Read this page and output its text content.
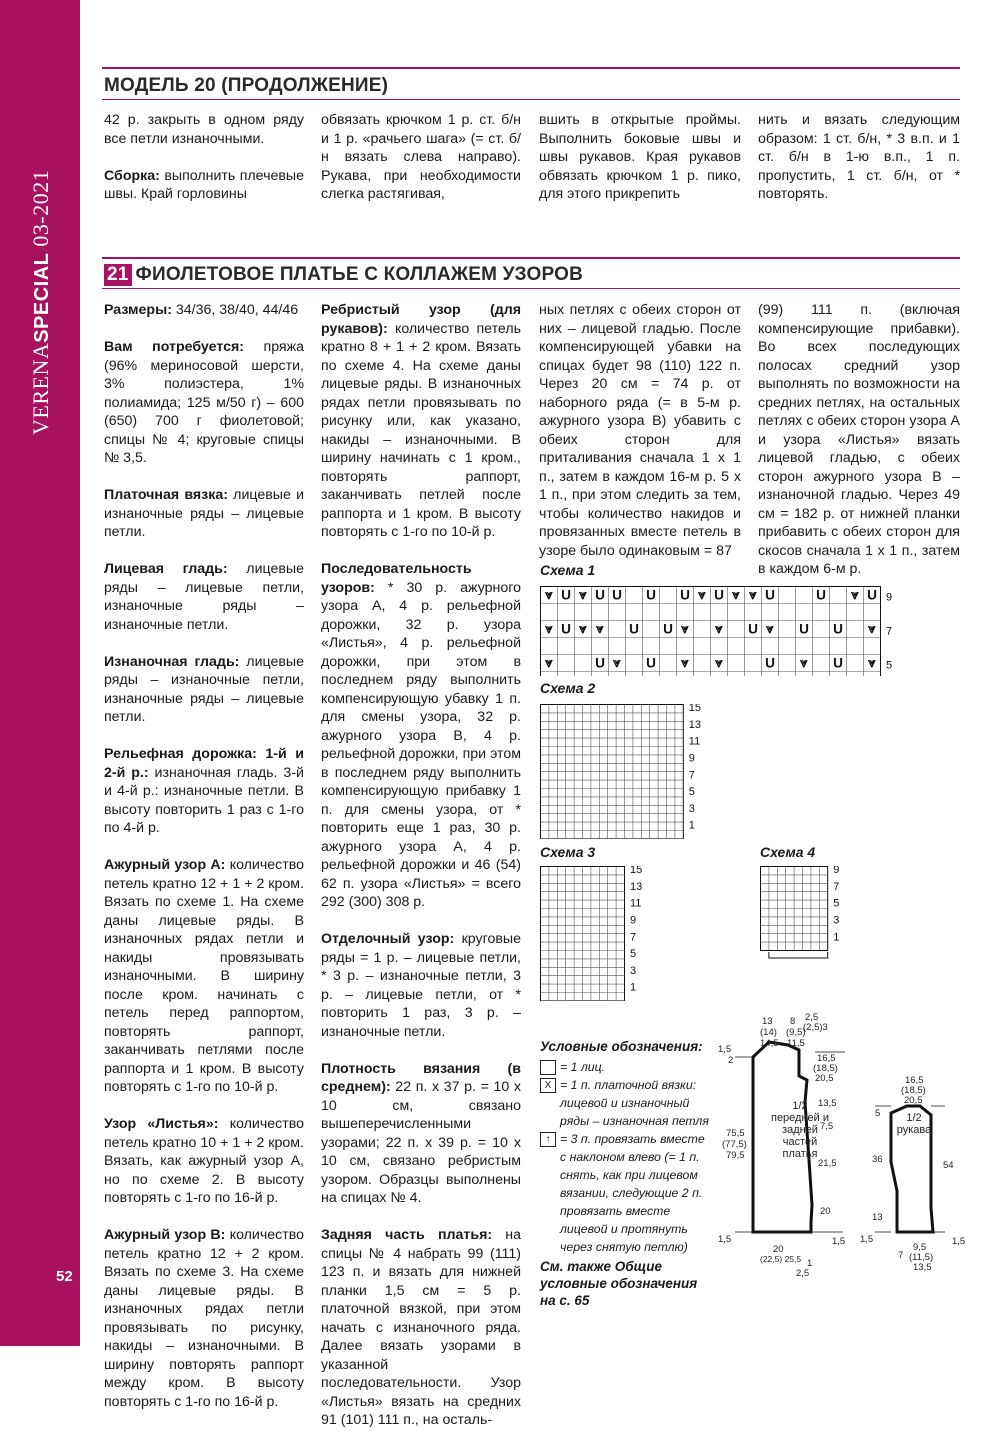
VERENASPECIAL 03-2021
52
МОДЕЛЬ 20 (ПРОДОЛЖЕНИЕ)

42 р. закрыть в одном ряду все петли изнаночными.

Сборка: выполнить плечевые швы. Край горловины

обвязать крючком 1 р. ст. б/н и 1 р. «рачьего шага» (= ст. б/н вязать слева направо). Рукава, при необходимости слегка растягивая,
вшить в открытые проймы. Выполнить боковые швы и швы рукавов. Края рукавов обвязать крючком 1 р. пико, для этого прикрепить
нить и вязать следующим образом: 1 ст. б/н, * 3 в.п. и 1 ст. б/н в 1-ю в.п., 1 п. пропустить, 1 ст. б/н, от * повторять.
21 ФИОЛЕТОВОЕ ПЛАТЬЕ С КОЛЛАЖЕМ УЗОРОВ

Размеры: 34/36, 38/40, 44/46

Вам потребуется: пряжа (96% мериносовой шерсти, 3% полиэстера, 1% полиамида; 125 м/50 г) – 600 (650) 700 г фиолетовой; спицы № 4; круговые спицы № 3,5.

Платочная вязка: лицевые и изнаночные ряды – лицевые петли.

Лицевая гладь: лицевые ряды – лицевые петли, изнаночные ряды – изнаночные петли.

Изнаночная гладь: лицевые ряды – изнаночные петли, изнаночные ряды – лицевые петли.

Рельефная дорожка: 1-й и 2-й р.: изнаночная гладь. 3-й и 4-й р.: изнаночные петли. В высоту повторить 1 раз с 1-го по 4-й р.

Ажурный узор А: количество петель кратно 12 + 1 + 2 кром. Вязать по схеме 1. На схеме даны лицевые ряды. В изнаночных рядах петли и накиды провязывать изнаночными. В ширину после кром. начинать с петель перед раппортом, повторять раппорт, заканчивать петлями после раппорта и 1 кром. В высоту повторять с 1-го по 10-й р.

Узор «Листья»: количество петель кратно 10 + 1 + 2 кром. Вязать, как ажурный узор А, но по схеме 2. В высоту повторять с 1-го по 16-й р.

Ажурный узор В: количество петель кратно 12 + 2 кром. Вязать по схеме 3. На схеме даны лицевые ряды. В изнаночных рядах петли провязывать по рисунку, накиды – изнаночными. В ширину повторять раппорт между кром. В высоту повторять с 1-го по 16-й р.

Ребристый узор (для рукавов): количество петель кратно 8 + 1 + 2 кром. Вязать по схеме 4. На схеме даны лицевые ряды. В изнаночных рядах петли провязывать по рисунку или, как указано, накиды – изнаночными. В ширину начинать с 1 кром., повторять раппорт, заканчивать петлей после раппорта и 1 кром. В высоту повторять с 1-го по 10-й р.

Последовательность узоров: * 30 р. ажурного узора А, 4 р. рельефной дорожки, 32 р. узора «Листья», 4 р. рельефной дорожки, при этом в последнем ряду выполнить компенсирующую убавку 1 п. для смены узора, 32 р. ажурного узора В, 4 р. рельефной дорожки, при этом в последнем ряду выполнить компенсирующую прибавку 1 п. для смены узора, от * повторить еще 1 раз, 30 р. ажурного узора А, 4 р. рельефной дорожки и 46 (54) 62 п. узора «Листья» = всего 292 (300) 308 р.

Отделочный узор: круговые ряды = 1 р. – лицевые петли, * 3 р. – изнаночные петли, 3 р. – лицевые петли, от * повторить 1 раз, 3 р. – изнаночные петли.

Плотность вязания (в среднем): 22 п. х 37 р. = 10 х 10 см, связано вышеперечисленными узорами; 22 п. х 39 р. = 10 х 10 см, связано ребристым узором. Образцы выполнены на спицах № 4.

Задняя часть платья: на спицы № 4 набрать 99 (111) 123 п. и вязать для нижней планки 1,5 см = 5 р. платочной вязкой, при этом начать с изнаночного ряда. Далее вязать узорами в указанной последовательности. Узор «Листья» вязать на средних 91 (101) 111 п., на осталь-

ных петлях с обеих сторон от них – лицевой гладью. После компенсирующей убавки на спицах будет 98 (110) 122 п. Через 20 см = 74 р. от наборного ряда (= в 5-м р. ажурного узора В) убавить с обеих сторон для приталивания сначала 1 х 1 п., затем в каждом 16-м р. 5 х 1 п., при этом следить за тем, чтобы количество накидов и провязанных вместе петель в узоре было одинаковым = 87
(99) 111 п. (включая компенсирующие прибавки). Во всех последующих полосах средний узор выполнять по возможности на средних петлях, на остальных петлях с обеих сторон узора А и узора «Листья» вязать лицевой гладью, с обеих сторон ажурного узора В – изнаночной гладью. Через 49 см = 182 р. от нижней планки прибавить с обеих сторон для скосов сначала 1 х 1 п., затем в каждом 6-м р.
Схема 1
⩔ U ⩔ U U U U ⩔ U ⩔ ⩔ U	U ⩔ U
⩔ U ⩔ ⩔ U U ⩔ ⩔ U ⩔ U U ⩔
⩔	U ⩔ U ⩔ ⩔	U ⩔ U ⩔
9
7
5
Схема 2
15
13
11
9
7
5
3
1
Схема 3
15
13
11
9
7
5
3
1
Схема 4
9
7
5
3
1
Условные обозначения:
= 1 лиц.
X = 1 п. платочной вязки: лицевой и изнаночный ряды – изнаночная петля
↑ = 3 п. провязать вместе с наклоном влево (= 1 п. снять, как при лицевом вязании, следующие 2 п. провязать вместе лицевой и протянуть через снятую петлю)
См. также Общие условные обозначения на с. 65
1/2 передней и задней частей платья
1/2 рукава
13
(14)
14,5
8
(9,5)
11,5
2,5
(2,5)3
1,5
2	16,5
(18,5)
20,5
13,5
7,5
21,5
20
75,5
(77,5)
79,5
1,5	1,5
20
(22,5) 25,5 1
2,5
16,5
(18,5)
20,5
5
36
13
54
1,5	1,5
7
9,5
(11,5)
13,5
